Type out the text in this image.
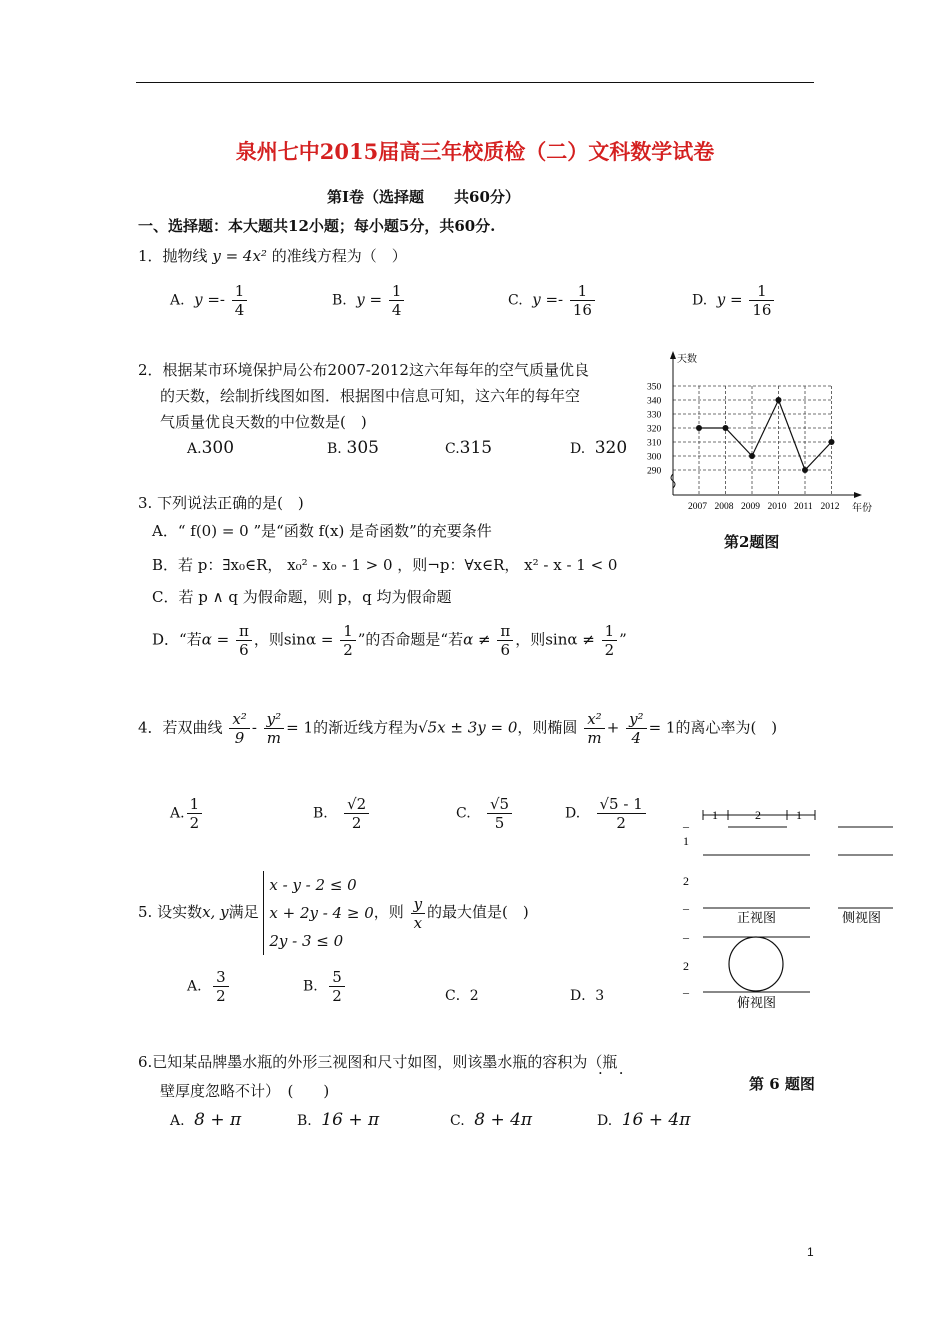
泉州七中2015届高三年校质检（二）文科数学试卷
第Ⅰ卷（选择题　　共60分）
一、选择题：本大题共12小题；每小题5分，共60分.
1．抛物线 y = 4x² 的准线方程为（　）
A. $y =- \frac{1}{4}$	B. $y = \frac{1}{4}$	C. $y =- \frac{1}{16}$	D. $y = \frac{1}{16}$
2．根据某市环境保护局公布2007-2012这六年每年的空气质量优良
的天数，绘制折线图如图．根据图中信息可知，这六年的每年空
气质量优良天数的中位数是(　)
A.300	B. 305	C.315	D. 320
天数
年份
290
300
310
320
330
340
350
2007 2008 2009 2010 2011 2012
第2题图
3. 下列说法正确的是(　)
A．“ f(0) = 0 ”是“函数 f(x) 是奇函数”的充要条件
B．若 p：∃x₀∈R， x₀² - x₀ - 1 > 0 ，则¬p：∀x∈R， x² - x - 1 < 0
C．若 p ∧ q 为假命题，则 p，q 均为假命题
D．“若$\alpha = \frac{\pi}{6}$ ，则$\sin\alpha = \frac{1}{2}$ ”的否命题是“若$\alpha \ne \frac{\pi}{6}$ ，则$\sin\alpha \ne \frac{1}{2}$ ”
4．若双曲线 $\frac{\text{x²}}{9} - \frac{\text{y²}}{m} = 1$的渐近线方程为√5x ± 3y = 0，则椭圆 $\frac{\text{x²}}{m} + \frac{\text{y²}}{4} = 1$的离心率为(　)
A. $\frac{1}{2}$	B. $\frac{√2}{2}$	C. $\frac{√5}{5}$	D. $\frac{√5 - 1}{2}$
5. 设实数x, y满足
x - y - 2 ≤ 0
x + 2y - 4 ≥ 0
2y - 3 ≤ 0
，则 $\frac{y}{x}$ 的最大值是(　)
A. $\frac{3}{2}$	B. $\frac{5}{2}$	C．2	D．3
6.已知某品牌墨水瓶的外形三视图和尺寸如图，则该墨水瓶的容积为（瓶
··
壁厚度忽略不计）　(　　)	第 6 题图
A. 8 + π	B. 16 + π	C. 8 + 4π	D. 16 + 4π
1	2	1
正视图
–
1
2
–
侧视图
–
2
–
俯视图
1
